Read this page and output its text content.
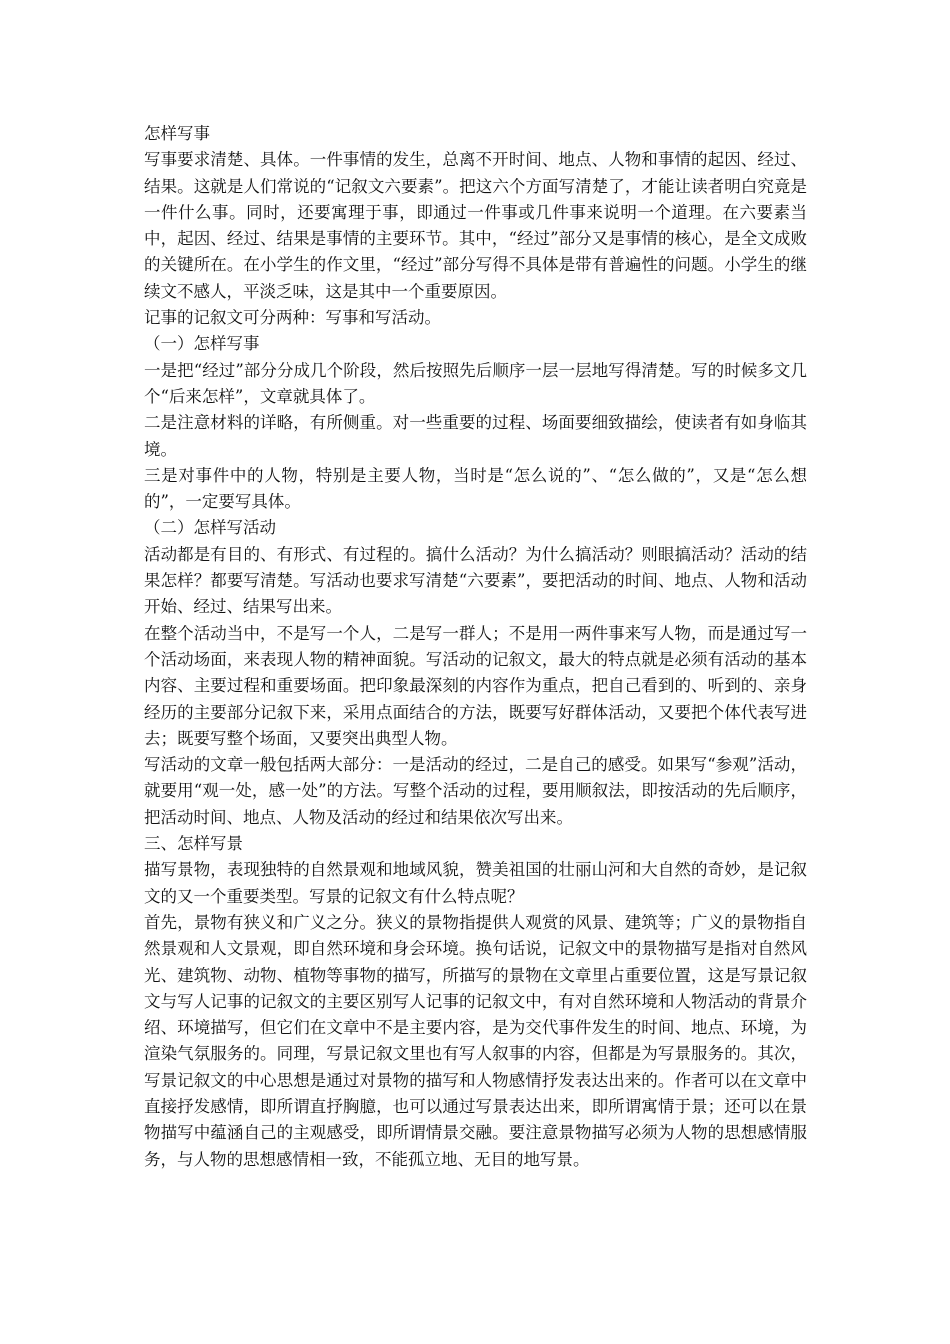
怎样写事

写事要求清楚、具体。一件事情的发生，总离不开时间、地点、人物和事情的起因、经过、结果。这就是人们常说的“记叙文六要素”。把这六个方面写清楚了，才能让读者明白究竟是一件什么事。同时，还要寓理于事，即通过一件事或几件事来说明一个道理。在六要素当中，起因、经过、结果是事情的主要环节。其中，“经过”部分又是事情的核心，是全文成败的关键所在。在小学生的作文里，“经过”部分写得不具体是带有普遍性的问题。小学生的继续文不感人，平淡乏味，这是其中一个重要原因。

记事的记叙文可分两种：写事和写活动。

（一）怎样写事

一是把“经过”部分分成几个阶段，然后按照先后顺序一层一层地写得清楚。写的时候多文几个“后来怎样”，文章就具体了。

二是注意材料的详略，有所侧重。对一些重要的过程、场面要细致描绘，使读者有如身临其境。

三是对事件中的人物，特别是主要人物，当时是“怎么说的”、“怎么做的”，又是“怎么想的”，一定要写具体。

（二）怎样写活动

活动都是有目的、有形式、有过程的。搞什么活动？为什么搞活动？则眼搞活动？活动的结果怎样？都要写清楚。写活动也要求写清楚“六要素”，要把活动的时间、地点、人物和活动开始、经过、结果写出来。

在整个活动当中，不是写一个人，二是写一群人；不是用一两件事来写人物，而是通过写一个活动场面，来表现人物的精神面貌。写活动的记叙文，最大的特点就是必须有活动的基本内容、主要过程和重要场面。把印象最深刻的内容作为重点，把自己看到的、听到的、亲身经历的主要部分记叙下来，采用点面结合的方法，既要写好群体活动，又要把个体代表写进去；既要写整个场面，又要突出典型人物。

写活动的文章一般包括两大部分：一是活动的经过，二是自己的感受。如果写“参观”活动，就要用“观一处，感一处”的方法。写整个活动的过程，要用顺叙法，即按活动的先后顺序，把活动时间、地点、人物及活动的经过和结果依次写出来。

三、怎样写景

描写景物，表现独特的自然景观和地域风貌，赞美祖国的壮丽山河和大自然的奇妙，是记叙文的又一个重要类型。写景的记叙文有什么特点呢？

首先，景物有狭义和广义之分。狭义的景物指提供人观赏的风景、建筑等；广义的景物指自然景观和人文景观，即自然环境和身会环境。换句话说，记叙文中的景物描写是指对自然风光、建筑物、动物、植物等事物的描写，所描写的景物在文章里占重要位置，这是写景记叙文与写人记事的记叙文的主要区别写人记事的记叙文中，有对自然环境和人物活动的背景介绍、环境描写，但它们在文章中不是主要内容，是为交代事件发生的时间、地点、环境，为渲染气氛服务的。同理，写景记叙文里也有写人叙事的内容，但都是为写景服务的。其次，写景记叙文的中心思想是通过对景物的描写和人物感情抒发表达出来的。作者可以在文章中直接抒发感情，即所谓直抒胸臆，也可以通过写景表达出来，即所谓寓情于景；还可以在景物描写中蕴涵自己的主观感受，即所谓情景交融。要注意景物描写必须为人物的思想感情服务，与人物的思想感情相一致，不能孤立地、无目的地写景。
